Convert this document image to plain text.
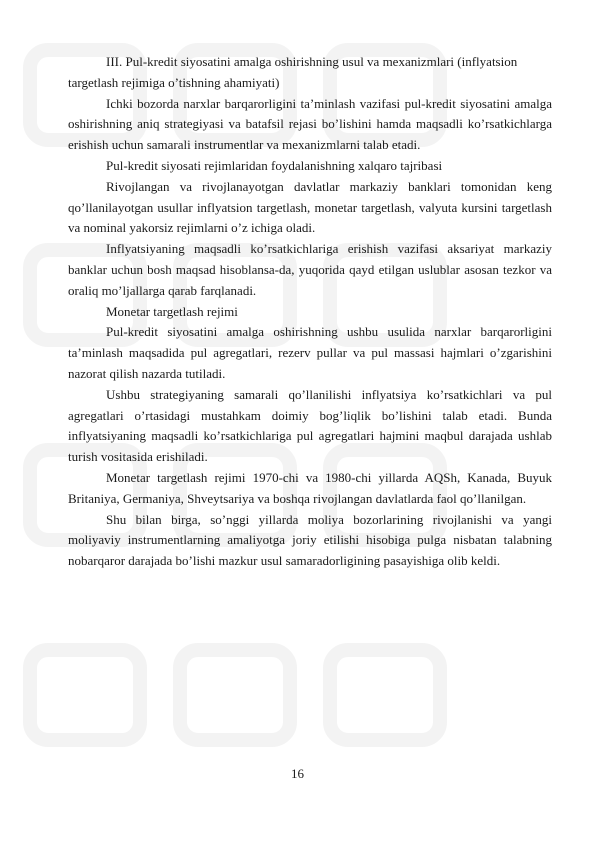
III. Pul-kredit siyosatini amalga oshirishning usul va mexanizmlari (inflyatsion targetlash rejimiga o’tishning ahamiyati)

Ichki bozorda narxlar barqarorligini ta’minlash vazifasi pul-kredit siyosatini amalga oshirishning aniq strategiyasi va batafsil rejasi bo’lishini hamda maqsadli ko’rsatkichlarga erishish uchun samarali instrumentlar va mexanizmlarni talab etadi.

Pul-kredit siyosati rejimlaridan foydalanishning xalqaro tajribasi

Rivojlangan va rivojlanayotgan davlatlar markaziy banklari tomonidan keng qo’llanilayotgan usullar inflyatsion targetlash, monetar targetlash, valyuta kursini targetlash va nominal yakorsiz rejimlarni o’z ichiga oladi.

Inflyatsiyaning maqsadli ko’rsatkichlariga erishish vazifasi aksariyat markaziy banklar uchun bosh maqsad hisoblansa-da, yuqorida qayd etilgan uslublar asosan tezkor va oraliq mo’ljallarga qarab farqlanadi.

Monetar targetlash rejimi

Pul-kredit siyosatini amalga oshirishning ushbu usulida narxlar barqarorligini ta’minlash maqsadida pul agregatlari, rezerv pullar va pul massasi hajmlari o’zgarishini nazorat qilish nazarda tutiladi.

Ushbu strategiyaning samarali qo’llanilishi inflyatsiya ko’rsatkichlari va pul agregatlari o’rtasidagi mustahkam doimiy bog’liqlik bo’lishini talab etadi. Bunda inflyatsiyaning maqsadli ko’rsatkichlariga pul agregatlari hajmini maqbul darajada ushlab turish vositasida erishiladi.

Monetar targetlash rejimi 1970-chi va 1980-chi yillarda AQSh, Kanada, Buyuk Britaniya, Germaniya, Shveytsariya va boshqa rivojlangan davlatlarda faol qo’llanilgan.

Shu bilan birga, so’nggi yillarda moliya bozorlarining rivojlanishi va yangi moliyaviy instrumentlarning amaliyotga joriy etilishi hisobiga pulga nisbatan talabning nobarqaror darajada bo’lishi mazkur usul samaradorligining pasayishiga olib keldi.

16
